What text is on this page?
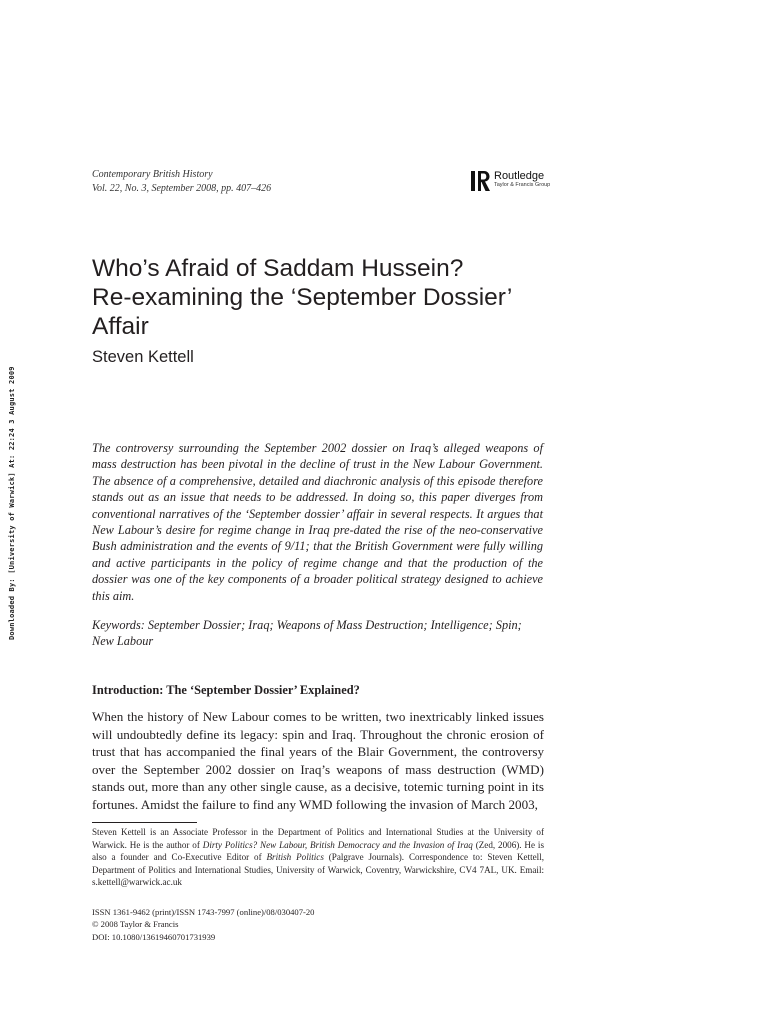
Contemporary British History
Vol. 22, No. 3, September 2008, pp. 407–426
Routledge
Taylor & Francis Group
Downloaded By: [University of Warwick] At: 22:24 3 August 2009
Who’s Afraid of Saddam Hussein?
Re-examining the ‘September Dossier’
Affair
Steven Kettell
The controversy surrounding the September 2002 dossier on Iraq’s alleged weapons of mass destruction has been pivotal in the decline of trust in the New Labour Government. The absence of a comprehensive, detailed and diachronic analysis of this episode therefore stands out as an issue that needs to be addressed. In doing so, this paper diverges from conventional narratives of the ‘September dossier’ affair in several respects. It argues that New Labour’s desire for regime change in Iraq pre-dated the rise of the neo-conservative Bush administration and the events of 9/11; that the British Government were fully willing and active participants in the policy of regime change and that the production of the dossier was one of the key components of a broader political strategy designed to achieve this aim.
Keywords: September Dossier; Iraq; Weapons of Mass Destruction; Intelligence; Spin; New Labour
Introduction: The ‘September Dossier’ Explained?
When the history of New Labour comes to be written, two inextricably linked issues will undoubtedly define its legacy: spin and Iraq. Throughout the chronic erosion of trust that has accompanied the final years of the Blair Government, the controversy over the September 2002 dossier on Iraq’s weapons of mass destruction (WMD) stands out, more than any other single cause, as a decisive, totemic turning point in its fortunes. Amidst the failure to find any WMD following the invasion of March 2003,
Steven Kettell is an Associate Professor in the Department of Politics and International Studies at the University of Warwick. He is the author of Dirty Politics? New Labour, British Democracy and the Invasion of Iraq (Zed, 2006). He is also a founder and Co-Executive Editor of British Politics (Palgrave Journals). Correspondence to: Steven Kettell, Department of Politics and International Studies, University of Warwick, Coventry, Warwickshire, CV4 7AL, UK. Email: s.kettell@warwick.ac.uk
ISSN 1361-9462 (print)/ISSN 1743-7997 (online)/08/030407-20
© 2008 Taylor & Francis
DOI: 10.1080/13619460701731939
